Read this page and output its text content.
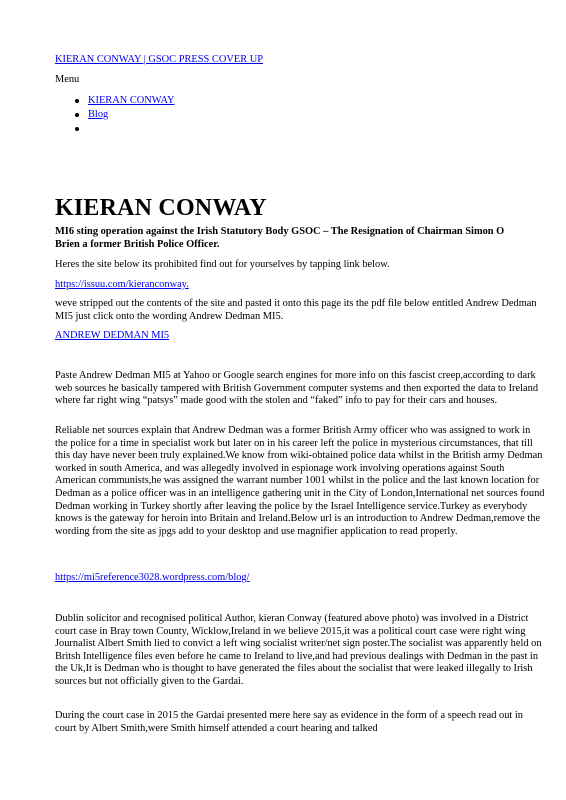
KIERAN CONWAY | GSOC PRESS COVER UP
Menu
KIERAN CONWAY
Blog
KIERAN CONWAY

MI6 sting operation against the Irish Statutory Body GSOC – The Resignation of Chairman Simon O Brien a former British Police Officer.

Heres the site below its prohibited find out for yourselves by tapping link below.

https://issuu.com/kieranconway.

weve stripped out the contents of the site and pasted it onto this page its the pdf file below entitled Andrew Dedman MI5 just click onto the wording Andrew Dedman MI5.

ANDREW DEDMAN MI5

Paste Andrew Dedman MI5 at Yahoo or Google search engines for more info on this fascist creep,according to dark web sources he basically tampered with British Government computer systems and then exported the data to Ireland where far right wing “patsys” made good with the stolen and “faked” info to pay for their cars and houses.

Reliable net sources explain that Andrew Dedman was a former British Army officer who was assigned to work in the police for a time in specialist work but later on in his career left the police in mysterious circumstances, that till this day have never been truly explained.We know from wiki-obtained police data whilst in the British army Dedman worked in south America, and was allegedly involved in espionage work involving operations against South American communists,he was assigned the warrant number 1001 whilst in the police and the last known location for Dedman as a police officer was in an intelligence gathering unit in the City of London,International net sources found Dedman working in Turkey shortly after leaving the police by the Israel Intelligence service.Turkey as everybody knows is the gateway for heroin into Britain and Ireland.Below url is an introduction to Andrew Dedman,remove the wording from the site as jpgs add to your desktop and use magnifier application to read properly.

https://mi5reference3028.wordpress.com/blog/

Dublin solicitor and recognised political Author, kieran Conway (featured above photo) was involved in a District court case in Bray town County, Wicklow,Ireland in we believe 2015,it was a political court case were right wing Journalist Albert Smith lied to convict a left wing socialist writer/net sign poster.The socialist was apparently held on Britsh Intelligence files even before he came to Ireland to live,and had previous dealings with Dedman in the past in the Uk,It is Dedman who is thought to have generated the files about the socialist that were leaked illegally to Irish sources but not officially given to the Gardai.

During the court case in 2015 the Gardai presented mere here say as evidence in the form of a speech read out in court by Albert Smith,were Smith himself attended a court hearing and talked
